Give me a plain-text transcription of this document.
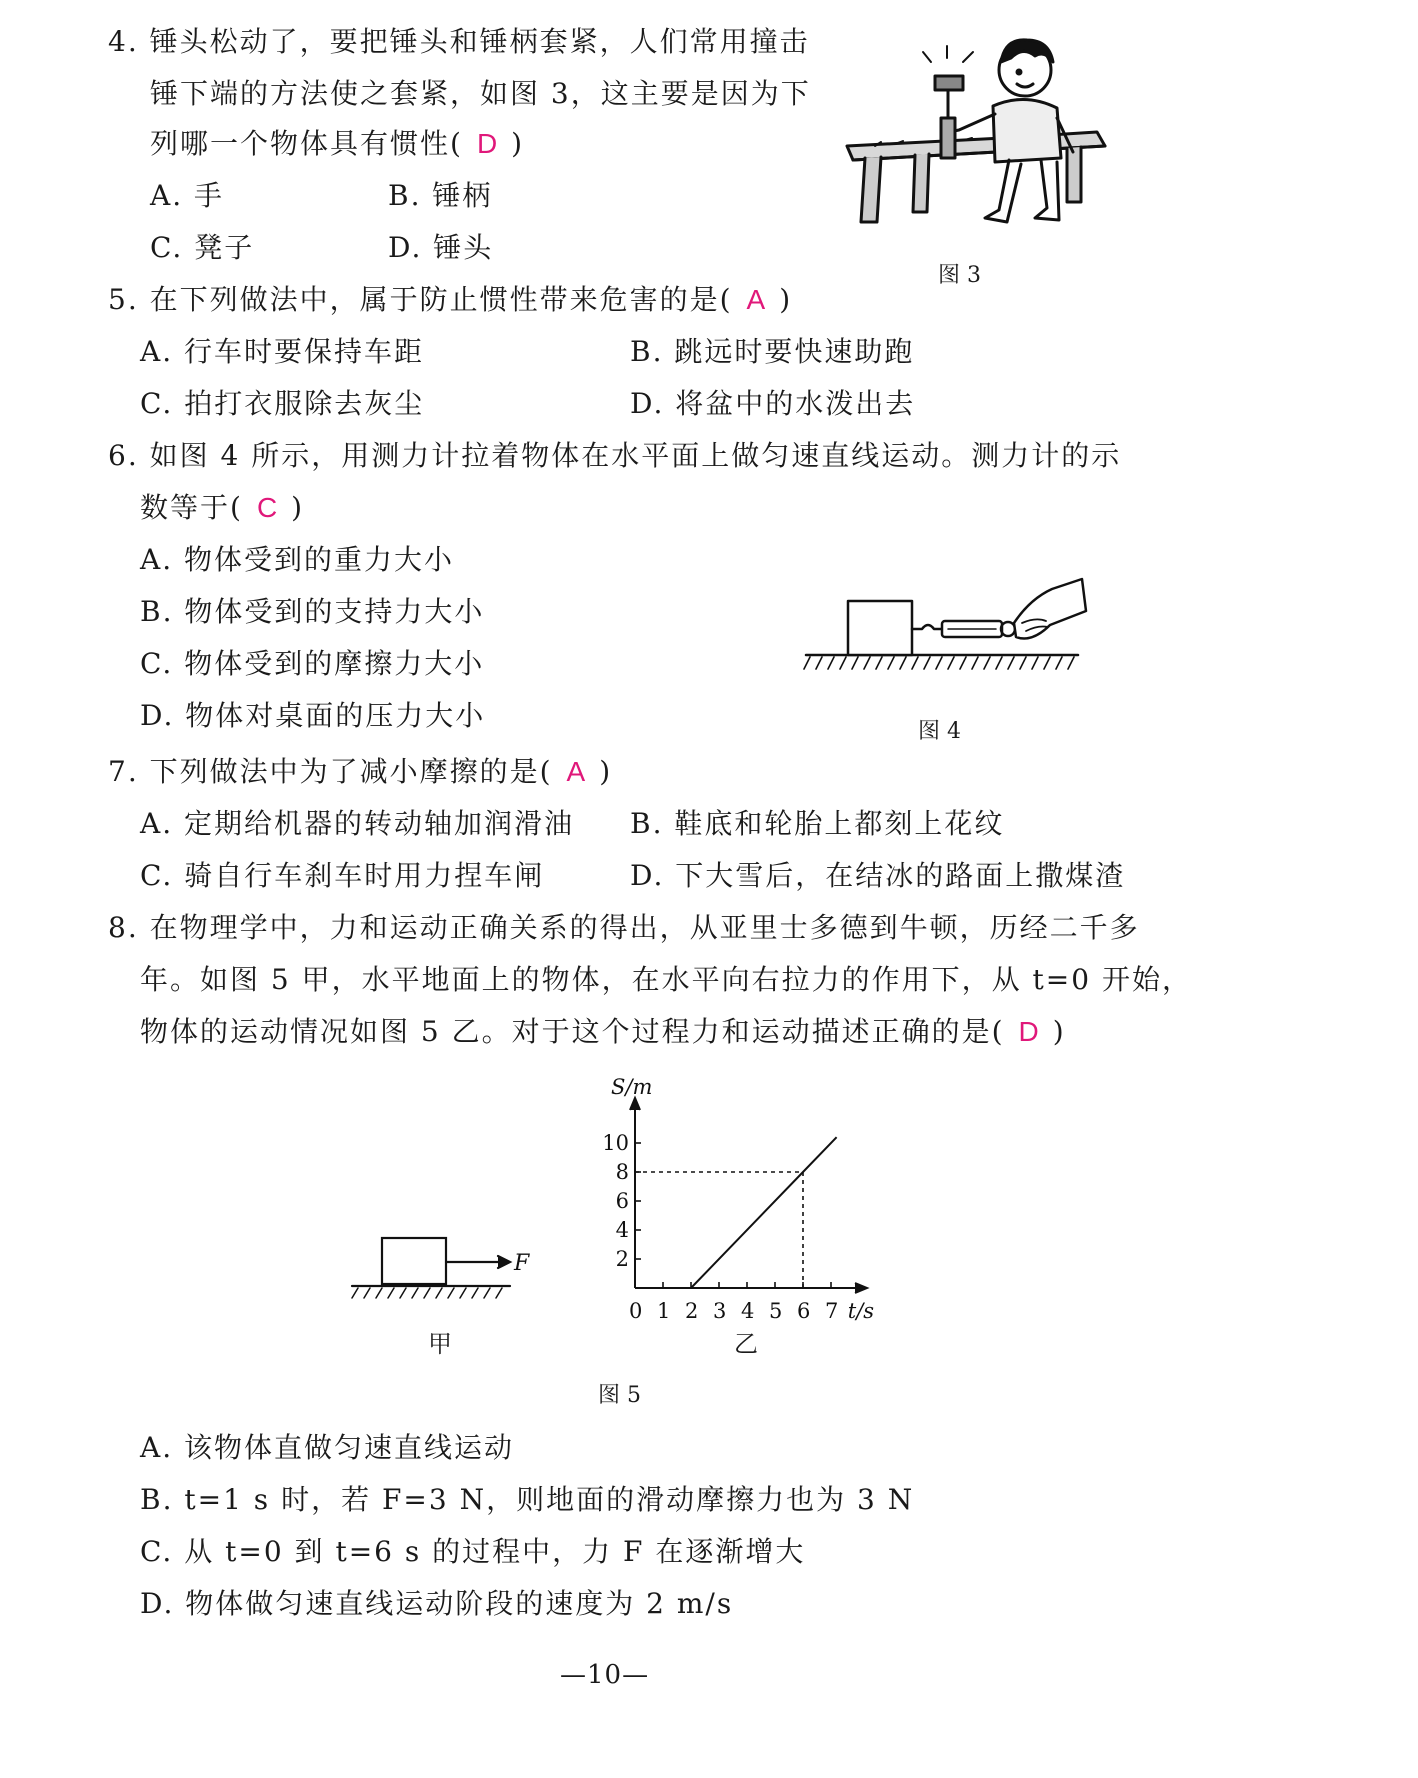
4. 锤头松动了，要把锤头和锤柄套紧，人们常用撞击
锤下端的方法使之套紧，如图 3，这主要是因为下
列哪一个物体具有惯性( D )
A. 手	B. 锤柄
C. 凳子	D. 锤头
图 3
5. 在下列做法中，属于防止惯性带来危害的是( A )
A. 行车时要保持车距	B. 跳远时要快速助跑
C. 拍打衣服除去灰尘	D. 将盆中的水泼出去
6. 如图 4 所示，用测力计拉着物体在水平面上做匀速直线运动。测力计的示
数等于( C )
A. 物体受到的重力大小
B. 物体受到的支持力大小
C. 物体受到的摩擦力大小
D. 物体对桌面的压力大小	图 4
7. 下列做法中为了减小摩擦的是( A )
A. 定期给机器的转动轴加润滑油 B. 鞋底和轮胎上都刻上花纹
C. 骑自行车刹车时用力捏车闸	D. 下大雪后，在结冰的路面上撒煤渣
8. 在物理学中，力和运动正确关系的得出，从亚里士多德到牛顿，历经二千多
年。如图 5 甲，水平地面上的物体，在水平向右拉力的作用下，从 t=0 开始，
物体的运动情况如图 5 乙。对于这个过程力和运动描述正确的是( D )
F
甲
0 1 2 3 4 5 6 7
2
4
6
8
10
S/m
t/s
乙
图 5
A. 该物体直做匀速直线运动
B. t=1 s 时，若 F=3 N，则地面的滑动摩擦力也为 3 N
C. 从 t=0 到 t=6 s 的过程中，力 F 在逐渐增大
D. 物体做匀速直线运动阶段的速度为 2 m/s
—10—
